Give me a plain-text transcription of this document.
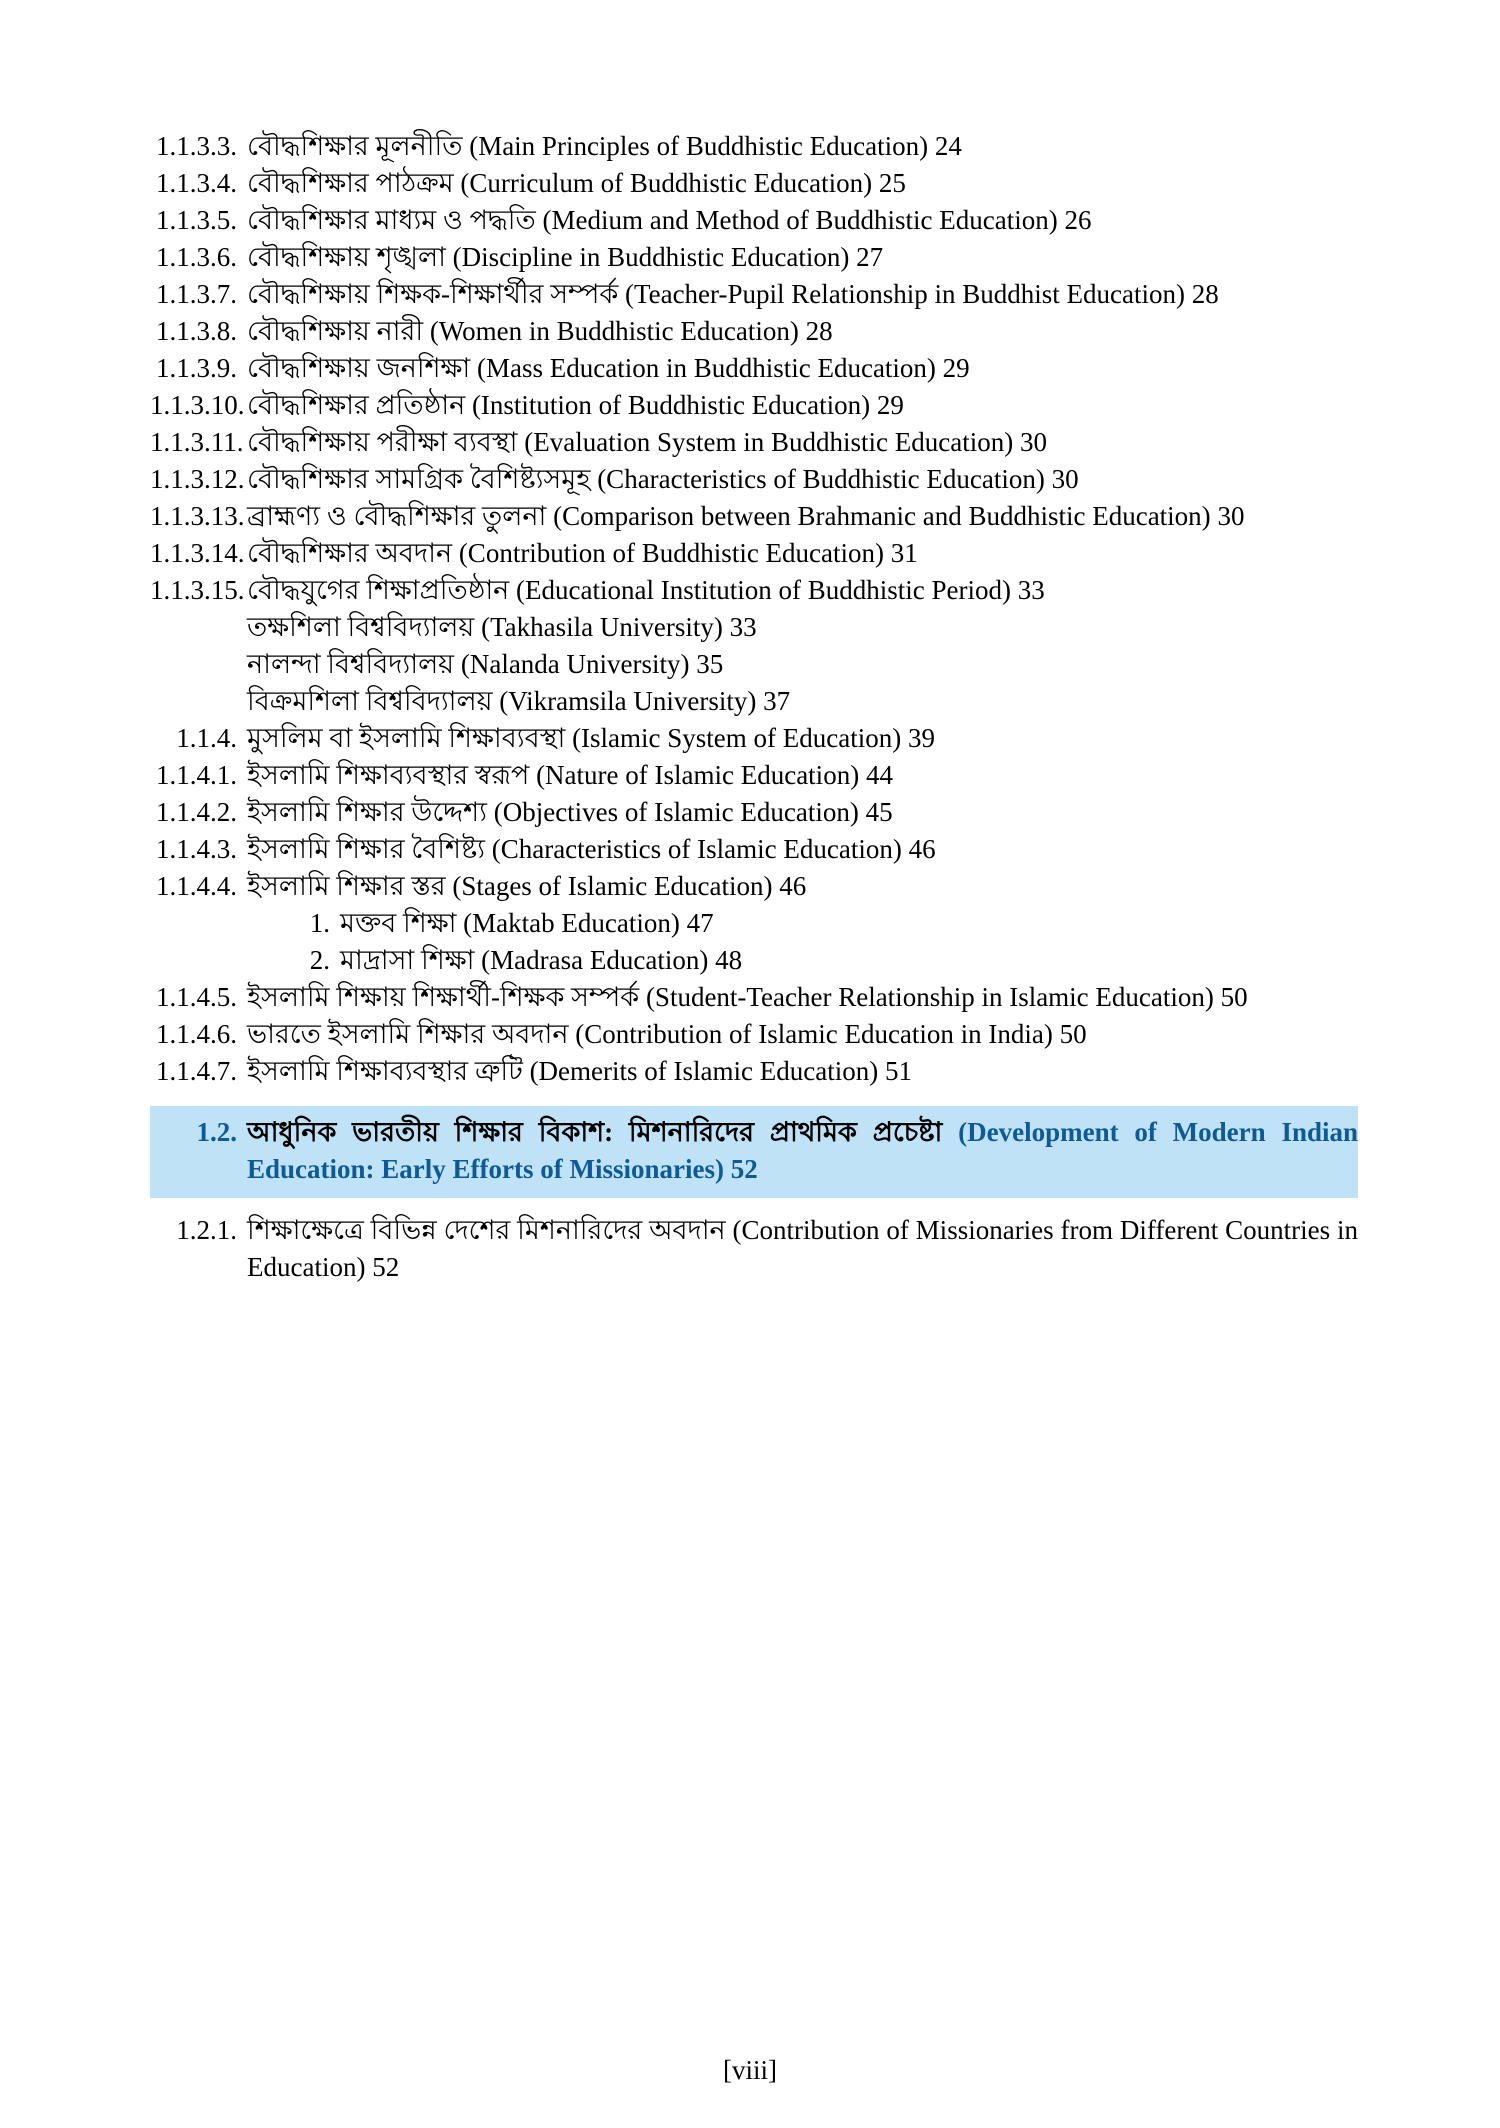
1.1.3.3. বৌদ্ধশিক্ষার মূলনীতি (Main Principles of Buddhistic Education) 24
1.1.3.4. বৌদ্ধশিক্ষার পাঠক্রম (Curriculum of Buddhistic Education) 25
1.1.3.5. বৌদ্ধশিক্ষার মাধ্যম ও পদ্ধতি (Medium and Method of Buddhistic Education) 26
1.1.3.6. বৌদ্ধশিক্ষায় শৃঙ্খলা (Discipline in Buddhistic Education) 27
1.1.3.7. বৌদ্ধশিক্ষায় শিক্ষক-শিক্ষার্থীর সম্পর্ক (Teacher-Pupil Relationship in Buddhist Education) 28
1.1.3.8. বৌদ্ধশিক্ষায় নারী (Women in Buddhistic Education) 28
1.1.3.9. বৌদ্ধশিক্ষায় জনশিক্ষা (Mass Education in Buddhistic Education) 29
1.1.3.10.বৌদ্ধশিক্ষার প্রতিষ্ঠান (Institution of Buddhistic Education) 29
1.1.3.11. বৌদ্ধশিক্ষায় পরীক্ষা ব্যবস্থা (Evaluation System in Buddhistic Education) 30
1.1.3.12.বৌদ্ধশিক্ষার সামগ্রিক বৈশিষ্ট্যসমূহ (Characteristics of Buddhistic Education) 30
1.1.3.13.ব্রাহ্মণ্য ও বৌদ্ধশিক্ষার তুলনা (Comparison between Brahmanic and Buddhistic Education) 30
1.1.3.14.বৌদ্ধশিক্ষার অবদান (Contribution of Buddhistic Education) 31
1.1.3.15.বৌদ্ধযুগের শিক্ষাপ্রতিষ্ঠান (Educational Institution of Buddhistic Period) 33
তক্ষশিলা বিশ্ববিদ্যালয় (Takhasila University) 33
নালন্দা বিশ্ববিদ্যালয় (Nalanda University) 35
বিক্রমশিলা বিশ্ববিদ্যালয় (Vikramsila University) 37
1.1.4. মুসলিম বা ইসলামি শিক্ষাব্যবস্থা (Islamic System of Education) 39
1.1.4.1. ইসলামি শিক্ষাব্যবস্থার স্বরূপ (Nature of Islamic Education) 44
1.1.4.2. ইসলামি শিক্ষার উদ্দেশ্য (Objectives of Islamic Education) 45
1.1.4.3. ইসলামি শিক্ষার বৈশিষ্ট্য (Characteristics of Islamic Education) 46
1.1.4.4. ইসলামি শিক্ষার স্তর (Stages of Islamic Education) 46
1. মক্তব শিক্ষা (Maktab Education) 47
2. মাদ্রাসা শিক্ষা (Madrasa Education) 48
1.1.4.5. ইসলামি শিক্ষায় শিক্ষার্থী-শিক্ষক সম্পর্ক (Student-Teacher Relationship in Islamic Education) 50
1.1.4.6. ভারতে ইসলামি শিক্ষার অবদান (Contribution of Islamic Education in India) 50
1.1.4.7. ইসলামি শিক্ষাব্যবস্থার ত্রুটি (Demerits of Islamic Education) 51
1.2. আধুনিক ভারতীয় শিক্ষার বিকাশ: মিশনারিদের প্রাথমিক প্রচেষ্টা (Development of Modern Indian Education: Early Efforts of Missionaries) 52
1.2.1. শিক্ষাক্ষেত্রে বিভিন্ন দেশের মিশনারিদের অবদান (Contribution of Missionaries from Different Countries in Education) 52
[viii]
